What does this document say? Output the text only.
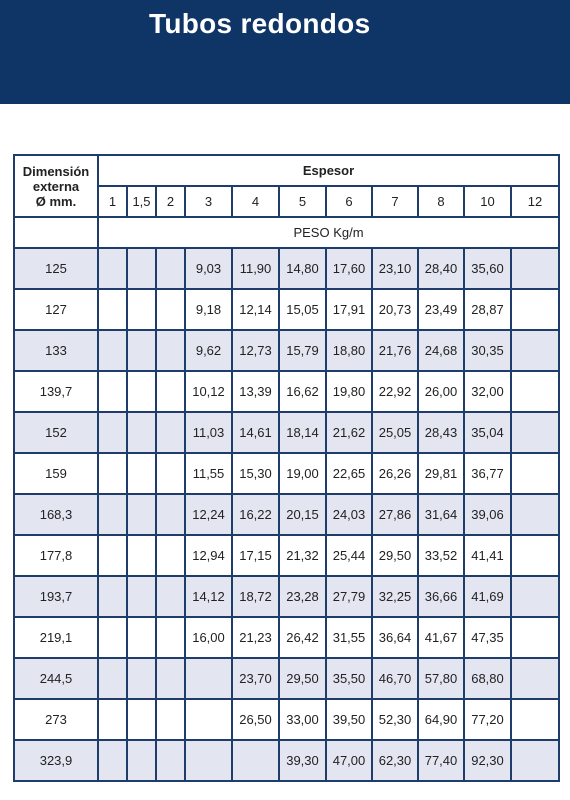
Tubos redondos
Dimensión
externa
Ø mm.	Espesor										
	1	1,5	2	3	4	5	6	7	8	10	12
	PESO Kg/m										
125				9,03	11,90	14,80	17,60	23,10	28,40	35,60	
127				9,18	12,14	15,05	17,91	20,73	23,49	28,87	
133				9,62	12,73	15,79	18,80	21,76	24,68	30,35	
139,7				10,12	13,39	16,62	19,80	22,92	26,00	32,00	
152				11,03	14,61	18,14	21,62	25,05	28,43	35,04	
159				11,55	15,30	19,00	22,65	26,26	29,81	36,77	
168,3				12,24	16,22	20,15	24,03	27,86	31,64	39,06	
177,8				12,94	17,15	21,32	25,44	29,50	33,52	41,41	
193,7				14,12	18,72	23,28	27,79	32,25	36,66	41,69	
219,1				16,00	21,23	26,42	31,55	36,64	41,67	47,35	
244,5					23,70	29,50	35,50	46,70	57,80	68,80	
273					26,50	33,00	39,50	52,30	64,90	77,20	
323,9						39,30	47,00	62,30	77,40	92,30	
